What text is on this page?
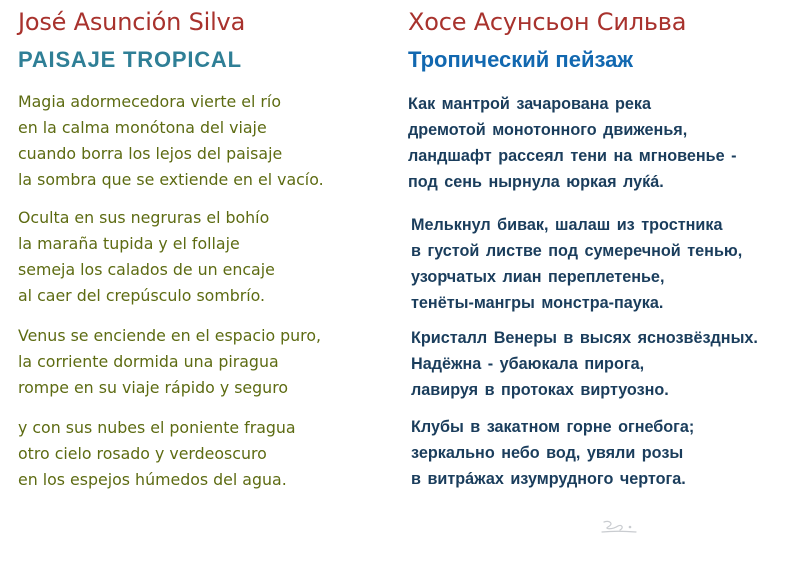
José Asunción Silva
PAISAJE TROPICAL
Magia adormecedora vierte el río
en la calma monótona del viaje
cuando borra los lejos del paisaje
la sombra que se extiende en el vacío.
Oculta en sus negruras el bohío
la maraña tupida y el follaje
semeja los calados de un encaje
al caer del crepúsculo sombrío.
Venus se enciende en el espacio puro,
la corriente dormida una piragua
rompe en su viaje rápido y seguro
y con sus nubes el poniente fragua
otro cielo rosado y verdeoscuro
en los espejos húmedos del agua.
Хосе Асунсьон Сильва
Тропический пейзаж
Как мантрой зачарована река
дремотой монотонного движенья,
ландшафт рассеял тени на мгновенье -
под сень нырнула юркая луќá.
Мелькнул бивак, шалаш из тростника
в густой листве под сумеречной тенью,
узорчатых лиан переплетенье,
тенёты-мангры монстра-паука.
Кристалл Венеры в высях яснозвёздных.
Надёжна - убаюкала пирога,
лавируя в протоках виртуозно.
Клубы в закатном горне огнебога;
зеркально небо вод, увяли розы
в витрáжах изумрудного чертога.
